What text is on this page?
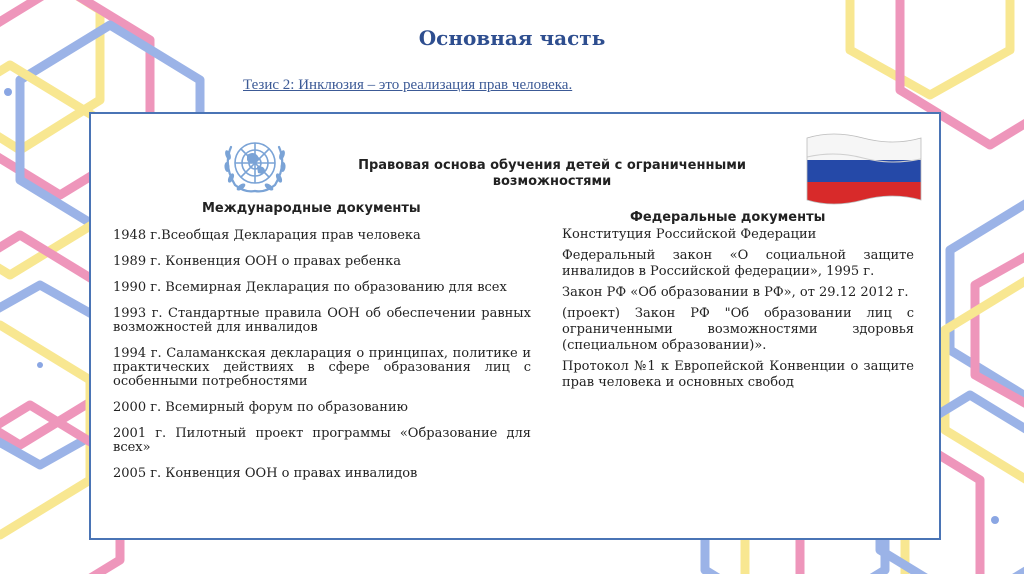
Основная часть
Тезис 2: Инклюзия – это реализация прав человека.
Правовая основа обучения детей с ограниченными возможностями
Международные документы
Федеральные документы
1948 г.Всеобщая Декларация прав человека
1989 г. Конвенция ООН о правах ребенка
1990 г. Всемирная Декларация по образованию для всех
1993 г. Стандартные правила ООН об обеспечении равных возможностей для инвалидов
1994 г. Саламанкская декларация о принципах, политике и практических действиях в сфере образования лиц с особенными потребностями
2000 г. Всемирный форум по образованию
2001 г. Пилотный проект программы «Образование для всех»
2005 г. Конвенция ООН о правах инвалидов
Конституция Российской Федерации
Федеральный закон «О социальной защите инвалидов в Российской федерации», 1995 г.
Закон РФ «Об образовании в РФ», от 29.12 2012 г.
(проект) Закон РФ "Об образовании лиц с ограниченными возможностями здоровья (специальном образовании)».
Протокол №1 к Европейской Конвенции о защите прав человека и основных свобод
